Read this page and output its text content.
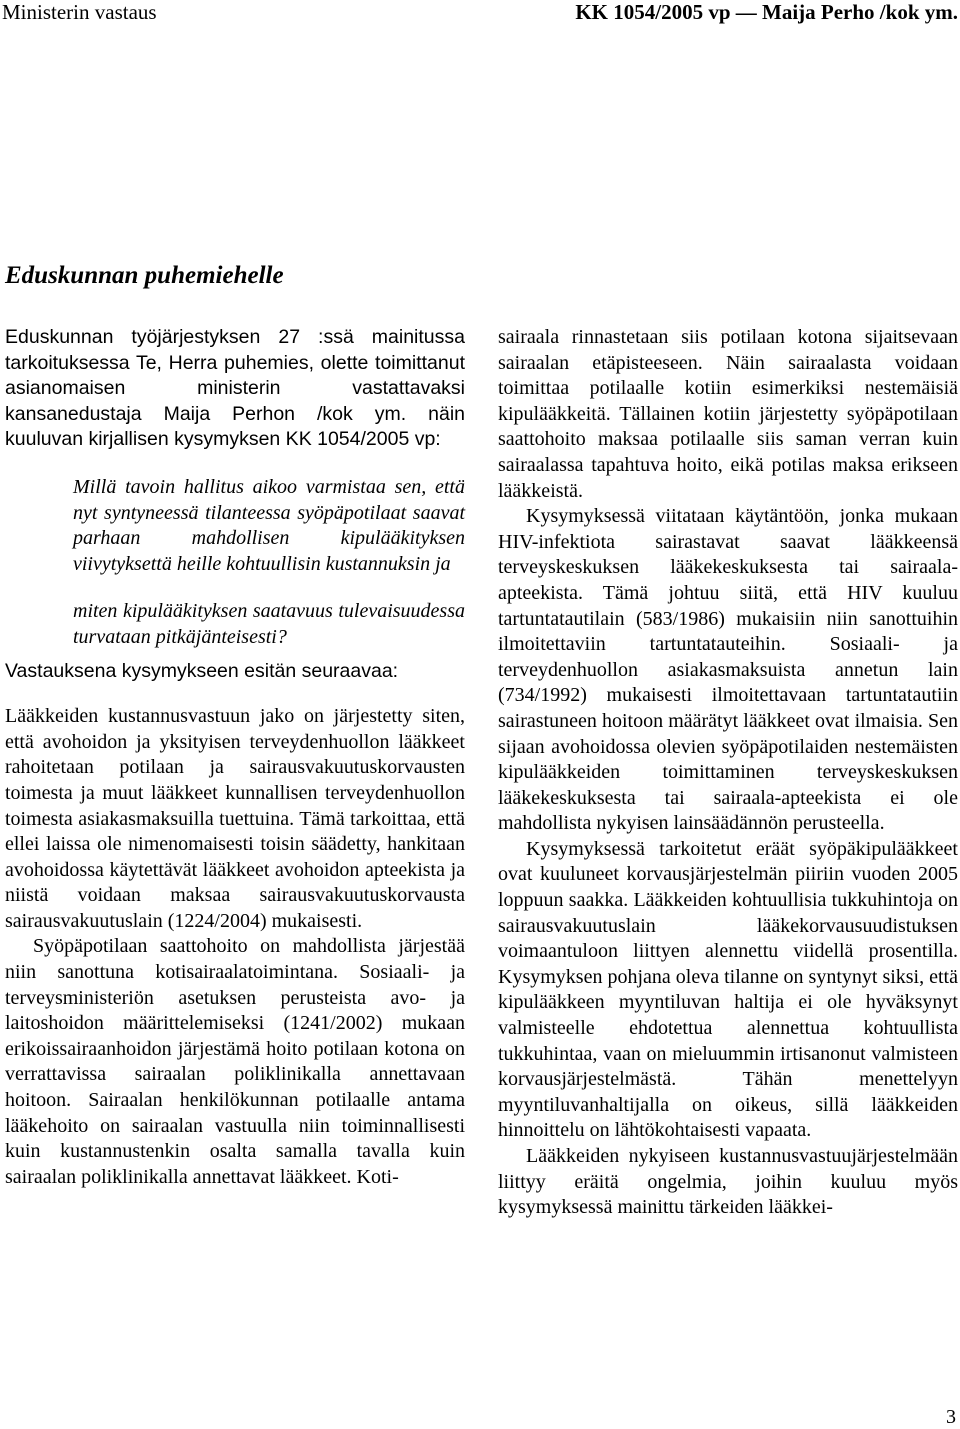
Ministerin vastaus	KK 1054/2005 vp — Maija Perho /kok ym.
Eduskunnan puhemiehelle

Eduskunnan työjärjestyksen 27 :ssä mainitussa tarkoituksessa Te, Herra puhemies, olette toimittanut asianomaisen ministerin vastattavaksi kansanedustaja Maija Perhon /kok ym. näin kuuluvan kirjallisen kysymyksen KK 1054/2005 vp:

Millä tavoin hallitus aikoo varmistaa sen, että nyt syntyneessä tilanteessa syöpäpotilaat saavat parhaan mahdollisen kipulääkityksen viivytyksettä heille kohtuullisin kustannuksin ja

miten kipulääkityksen saatavuus tulevaisuudessa turvataan pitkäjänteisesti?

Vastauksena kysymykseen esitän seuraavaa:

Lääkkeiden kustannusvastuun jako on järjestetty siten, että avohoidon ja yksityisen terveydenhuollon lääkkeet rahoitetaan potilaan ja sairausvakuutuskorvausten toimesta ja muut lääkkeet kunnallisen terveydenhuollon toimesta asiakasmaksuilla tuettuina. Tämä tarkoittaa, että ellei laissa ole nimenomaisesti toisin säädetty, hankitaan avohoidossa käytettävät lääkkeet avohoidon apteekista ja niistä voidaan maksaa sairausvakuutuskorvausta sairausvakuutuslain (1224/2004) mukaisesti.

Syöpäpotilaan saattohoito on mahdollista järjestää niin sanottuna kotisairaalatoimintana. Sosiaali- ja terveysministeriön asetuksen perusteista avo- ja laitoshoidon määrittelemiseksi (1241/2002) mukaan erikoissairaanhoidon järjestämä hoito potilaan kotona on verrattavissa sairaalan poliklinikalla annettavaan hoitoon. Sairaalan henkilökunnan potilaalle antama lääkehoito on sairaalan vastuulla niin toiminnallisesti kuin kustannustenkin osalta samalla tavalla kuin sairaalan poliklinikalla annettavat lääkkeet. Koti-

sairaala rinnastetaan siis potilaan kotona sijaitsevaan sairaalan etäpisteeseen. Näin sairaalasta voidaan toimittaa potilaalle kotiin esimerkiksi nestemäisiä kipulääkkeitä. Tällainen kotiin järjestetty syöpäpotilaan saattohoito maksaa potilaalle siis saman verran kuin sairaalassa tapahtuva hoito, eikä potilas maksa erikseen lääkkeistä.

Kysymyksessä viitataan käytäntöön, jonka mukaan HIV-infektiota sairastavat saavat lääkkeensä terveyskeskuksen lääkekeskuksesta tai sairaala-apteekista. Tämä johtuu siitä, että HIV kuuluu tartuntatautilain (583/1986) mukaisiin niin sanottuihin ilmoitettaviin tartuntatauteihin. Sosiaali- ja terveydenhuollon asiakasmaksuista annetun lain (734/1992) mukaisesti ilmoitettavaan tartuntatautiin sairastuneen hoitoon määrätyt lääkkeet ovat ilmaisia. Sen sijaan avohoidossa olevien syöpäpotilaiden nestemäisten kipulääkkeiden toimittaminen terveyskeskuksen lääkekeskuksesta tai sairaala-apteekista ei ole mahdollista nykyisen lainsäädännön perusteella.

Kysymyksessä tarkoitetut eräät syöpäkipulääkkeet ovat kuuluneet korvausjärjestelmän piiriin vuoden 2005 loppuun saakka. Lääkkeiden kohtuullisia tukkuhintoja on sairausvakuutuslain lääkekorvausuudistuksen voimaantuloon liittyen alennettu viidellä prosentilla. Kysymyksen pohjana oleva tilanne on syntynyt siksi, että kipulääkkeen myyntiluvan haltija ei ole hyväksynyt valmisteelle ehdotettua alennettua kohtuullista tukkuhintaa, vaan on mieluummin irtisanonut valmisteen korvausjärjestelmästä. Tähän menettelyyn myyntiluvanhaltijalla on oikeus, sillä lääkkeiden hinnoittelu on lähtökohtaisesti vapaata.

Lääkkeiden nykyiseen kustannusvastuujärjestelmään liittyy eräitä ongelmia, joihin kuuluu myös kysymyksessä mainittu tärkeiden lääkkei-

3
